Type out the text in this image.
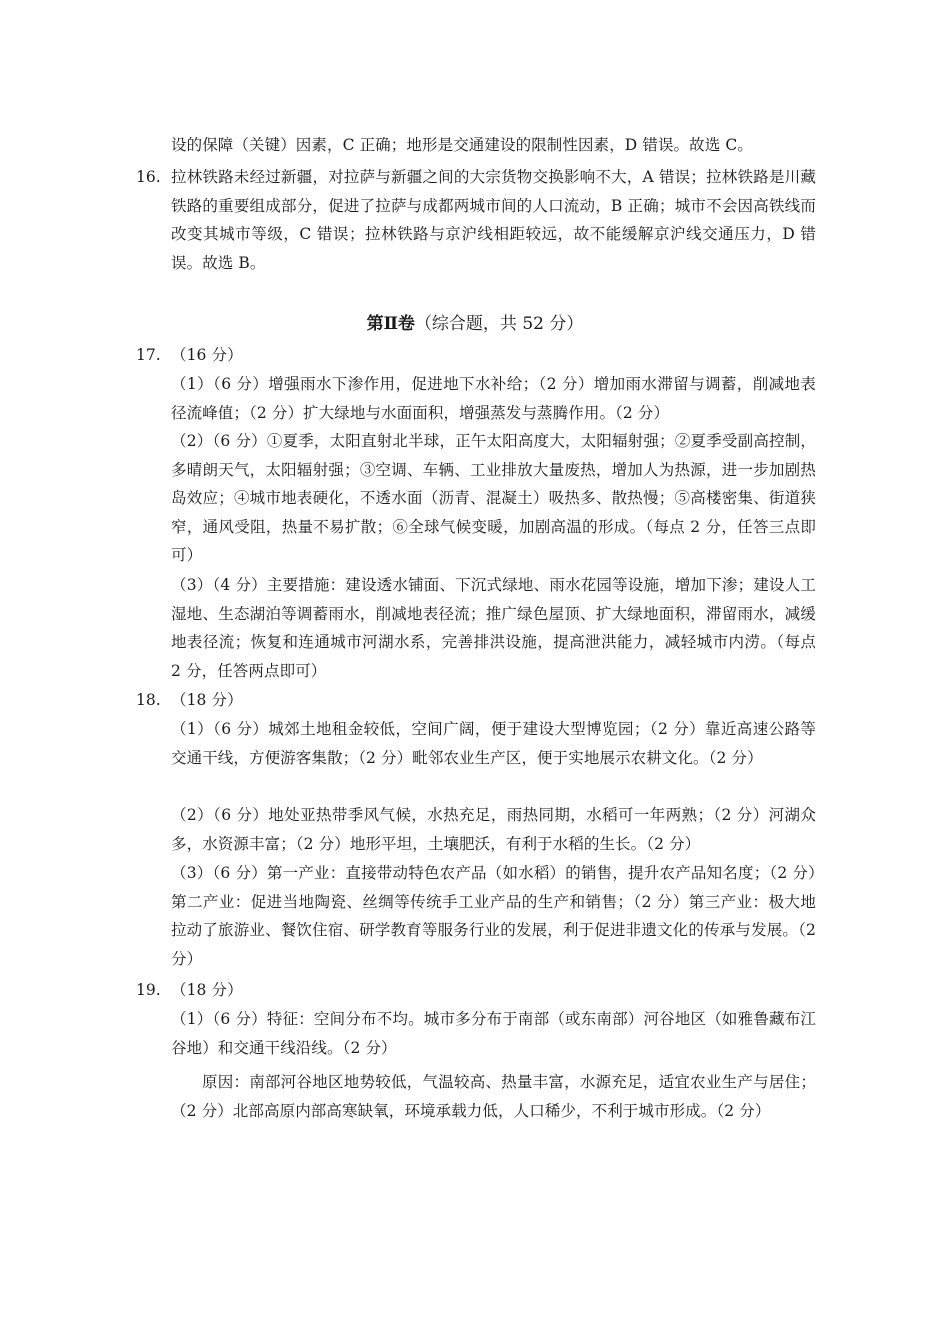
设的保障（关键）因素，C 正确；地形是交通建设的限制性因素，D 错误。故选 C。

16. 拉林铁路未经过新疆，对拉萨与新疆之间的大宗货物交换影响不大，A 错误；拉林铁路是川藏铁路的重要组成部分，促进了拉萨与成都两城市间的人口流动，B 正确；城市不会因高铁线而改变其城市等级，C 错误；拉林铁路与京沪线相距较远，故不能缓解京沪线交通压力，D 错误。故选 B。

第Ⅱ卷（综合题，共 52 分）

17. （16 分）

（1）（6 分）增强雨水下渗作用，促进地下水补给；（2 分）增加雨水滞留与调蓄，削减地表径流峰值；（2 分）扩大绿地与水面面积，增强蒸发与蒸腾作用。（2 分）

（2）（6 分）①夏季，太阳直射北半球，正午太阳高度大，太阳辐射强；②夏季受副高控制，多晴朗天气，太阳辐射强；③空调、车辆、工业排放大量废热，增加人为热源，进一步加剧热岛效应；④城市地表硬化，不透水面（沥青、混凝土）吸热多、散热慢；⑤高楼密集、街道狭窄，通风受阻，热量不易扩散；⑥全球气候变暖，加剧高温的形成。（每点 2 分，任答三点即可）

（3）（4 分）主要措施：建设透水铺面、下沉式绿地、雨水花园等设施，增加下渗；建设人工湿地、生态湖泊等调蓄雨水，削减地表径流；推广绿色屋顶、扩大绿地面积，滞留雨水，减缓地表径流；恢复和连通城市河湖水系，完善排洪设施，提高泄洪能力，减轻城市内涝。（每点 2 分，任答两点即可）

18. （18 分）

（1）（6 分）城郊土地租金较低，空间广阔，便于建设大型博览园；（2 分）靠近高速公路等交通干线，方便游客集散；（2 分）毗邻农业生产区，便于实地展示农耕文化。（2 分）

（2）（6 分）地处亚热带季风气候，水热充足，雨热同期，水稻可一年两熟；（2 分）河湖众多，水资源丰富；（2 分）地形平坦，土壤肥沃，有利于水稻的生长。（2 分）

（3）（6 分）第一产业：直接带动特色农产品（如水稻）的销售，提升农产品知名度；（2 分）第二产业：促进当地陶瓷、丝绸等传统手工业产品的生产和销售；（2 分）第三产业：极大地拉动了旅游业、餐饮住宿、研学教育等服务行业的发展，利于促进非遗文化的传承与发展。（2 分）

19. （18 分）

（1）（6 分）特征：空间分布不均。城市多分布于南部（或东南部）河谷地区（如雅鲁藏布江谷地）和交通干线沿线。（2 分）

原因：南部河谷地区地势较低，气温较高、热量丰富，水源充足，适宜农业生产与居住；（2 分）北部高原内部高寒缺氧，环境承载力低，人口稀少，不利于城市形成。（2 分）
